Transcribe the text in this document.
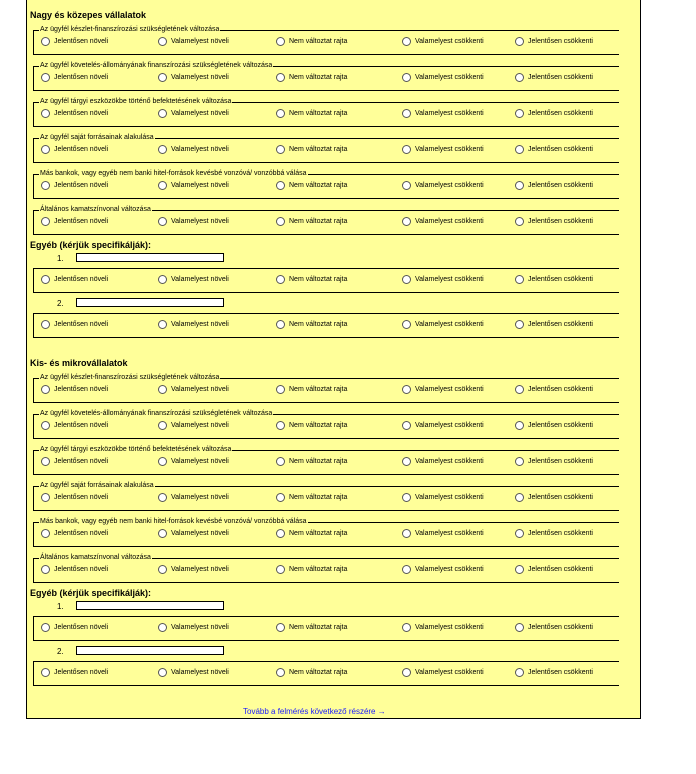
Nagy és közepes vállalatok
Az ügyfél készlet-finanszírozási szükségletének változása
Jelentősen növeli	Valamelyest növeli	Nem változtat rajta	Valamelyest csökkenti	Jelentősen csökkenti
Az ügyfél követelés-állományának finanszírozási szükségletének változása
Jelentősen növeli	Valamelyest növeli	Nem változtat rajta	Valamelyest csökkenti	Jelentősen csökkenti
Az ügyfél tárgyi eszközökbe történő befektetésének változása
Jelentősen növeli	Valamelyest növeli	Nem változtat rajta	Valamelyest csökkenti	Jelentősen csökkenti
Az ügyfél saját forrásainak alakulása
Jelentősen növeli	Valamelyest növeli	Nem változtat rajta	Valamelyest csökkenti	Jelentősen csökkenti
Más bankok, vagy egyéb nem banki hitel-források kevésbé vonzóvá/ vonzóbbá válása
Jelentősen növeli	Valamelyest növeli	Nem változtat rajta	Valamelyest csökkenti	Jelentősen csökkenti
Általános kamatszínvonal változása
Jelentősen növeli	Valamelyest növeli	Nem változtat rajta	Valamelyest csökkenti	Jelentősen csökkenti
Egyéb (kérjük specifikálják):
1.
Jelentősen növeli	Valamelyest növeli	Nem változtat rajta	Valamelyest csökkenti	Jelentősen csökkenti
2.
Jelentősen növeli	Valamelyest növeli	Nem változtat rajta	Valamelyest csökkenti	Jelentősen csökkenti
Kis- és mikrovállalatok
Az ügyfél készlet-finanszírozási szükségletének változása
Jelentősen növeli	Valamelyest növeli	Nem változtat rajta	Valamelyest csökkenti	Jelentősen csökkenti
Az ügyfél követelés-állományának finanszírozási szükségletének változása
Jelentősen növeli	Valamelyest növeli	Nem változtat rajta	Valamelyest csökkenti	Jelentősen csökkenti
Az ügyfél tárgyi eszközökbe történő befektetésének változása
Jelentősen növeli	Valamelyest növeli	Nem változtat rajta	Valamelyest csökkenti	Jelentősen csökkenti
Az ügyfél saját forrásainak alakulása
Jelentősen növeli	Valamelyest növeli	Nem változtat rajta	Valamelyest csökkenti	Jelentősen csökkenti
Más bankok, vagy egyéb nem banki hitel-források kevésbé vonzóvá/ vonzóbbá válása
Jelentősen növeli	Valamelyest növeli	Nem változtat rajta	Valamelyest csökkenti	Jelentősen csökkenti
Általános kamatszínvonal változása
Jelentősen növeli	Valamelyest növeli	Nem változtat rajta	Valamelyest csökkenti	Jelentősen csökkenti
Egyéb (kérjük specifikálják):
1.
Jelentősen növeli	Valamelyest növeli	Nem változtat rajta	Valamelyest csökkenti	Jelentősen csökkenti
2.
Jelentősen növeli	Valamelyest növeli	Nem változtat rajta	Valamelyest csökkenti	Jelentősen csökkenti
Tovább a felmérés következő részére →
